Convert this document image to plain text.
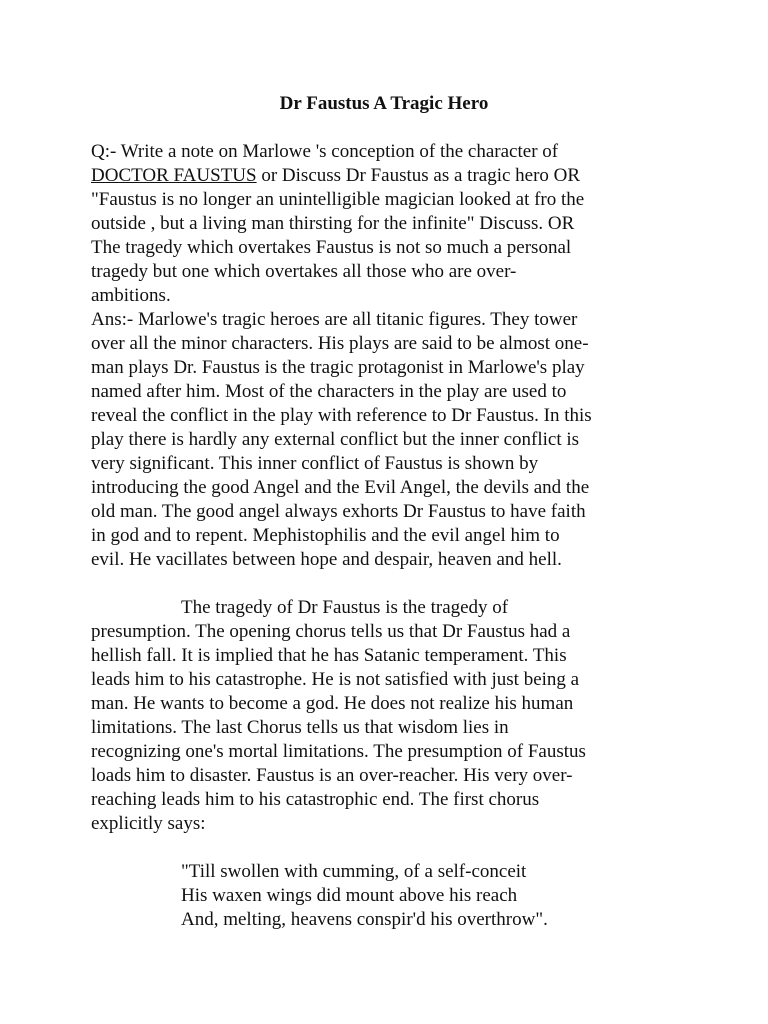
Dr Faustus A Tragic Hero
Q:- Write a note on Marlowe 's conception of the character of
DOCTOR FAUSTUS or Discuss Dr Faustus as a tragic hero OR
"Faustus is no longer an unintelligible magician looked at fro the
outside , but a living man thirsting for the infinite" Discuss. OR
The tragedy which overtakes Faustus is not so much a personal
tragedy but one which overtakes all those who are over-
ambitions.
Ans:- Marlowe's tragic heroes are all titanic figures. They tower
over all the minor characters. His plays are said to be almost one-
man plays Dr. Faustus is the tragic protagonist in Marlowe's play
named after him. Most of the characters in the play are used to
reveal the conflict in the play with reference to Dr Faustus. In this
play there is hardly any external conflict but the inner conflict is
very significant. This inner conflict of Faustus is shown by
introducing the good Angel and the Evil Angel, the devils and the
old man. The good angel always exhorts Dr Faustus to have faith
in god and to repent. Mephistophilis and the evil angel him to
evil. He vacillates between hope and despair, heaven and hell.
The tragedy of Dr Faustus is the tragedy of
presumption. The opening chorus tells us that Dr Faustus had a
hellish fall. It is implied that he has Satanic temperament. This
leads him to his catastrophe. He is not satisfied with just being a
man. He wants to become a god. He does not realize his human
limitations. The last Chorus tells us that wisdom lies in
recognizing one's mortal limitations. The presumption of Faustus
loads him to disaster. Faustus is an over-reacher. His very over-
reaching leads him to his catastrophic end. The first chorus
explicitly says:
"Till swollen with cumming, of a self-conceit
His waxen wings did mount above his reach
And, melting, heavens conspir'd his overthrow".
